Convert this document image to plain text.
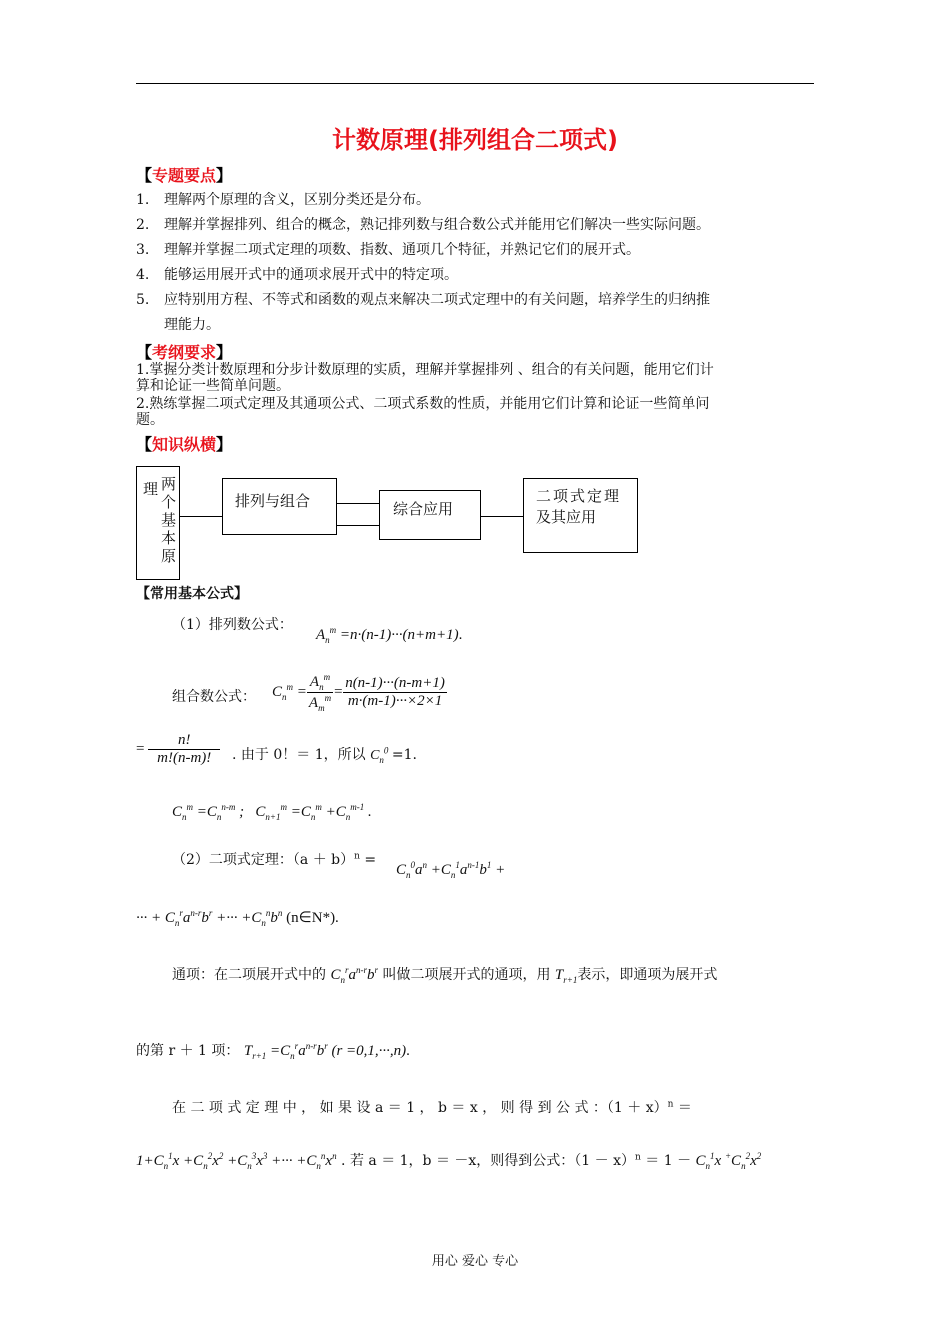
计数原理(排列组合二项式)
【专题要点】
1. 理解两个原理的含义，区别分类还是分布。
2. 理解并掌握排列、组合的概念，熟记排列数与组合数公式并能用它们解决一些实际问题。
3. 理解并掌握二项式定理的项数、指数、通项几个特征，并熟记它们的展开式。
4. 能够运用展开式中的通项求展开式中的特定项。
5. 应特别用方程、不等式和函数的观点来解决二项式定理中的有关问题，培养学生的归纳推
理能力。
【考纲要求】
1.掌握分类计数原理和分步计数原理的实质，理解并掌握排列 、组合的有关问题，能用它们计
算和论证一些简单问题。
2.熟练掌握二项式定理及其通项公式、二项式系数的性质，并能用它们计算和论证一些简单问
题。
【知识纵横】
理 两
个
基
本
原
排列与组合	综合应用
二项式定理
及其应用
【常用基本公式】
（1）排列数公式：
$A_n^m =n\cdot(n-1)\cdot\cdot\cdot(n+m+1)$.
组合数公式： $C_n^m = \frac{A_n^m}{A_m^m} = \frac{n(n-1)\cdot\cdot\cdot(n-m+1)}{m\cdot(m-1)\cdot\cdot\cdot\times 2\times 1}$
= $\frac{n!}{m!(n-m)!}$ . 由于 0！＝ 1，所以 $C_n^0 =1$.
$C_n^m =C_n^{n-m}$ ;   $C_{n+1}^m =C_n^m +C_n^{m-1}$ .
（2）二项式定理：$(a + b)^n$ =
$C_n^0a^n +C_n^1a^{n-1}b^1$ +
··· + $C_n^ra^{n-r}b^r$ +··· $+C_n^nb^n$ (n∈N*).
通项：在二项展开式中的 $C_n^ra^{n-r}b^r$ 叫做二项展开式的通项，用 $T_{r+1}$表示，即通项为展开式
的第 r ＋ 1 项： $T_{r+1} =C_n^ra^{n-r}b^r$ (r =0,1,···,n).
在 二 项 式 定 理 中 ， 如 果 设 a ＝ 1 ， b ＝ x ， 则 得 到 公 式 ：$(1 + x)^n$ ＝
$1+C_n^1x +C_n^2x^2 +C_n^3x^3$ +··· $+C_n^nx^n$ . 若 a ＝ 1，b ＝ －x，则得到公式：$(1 - x)^n = 1 - C_n^1x$ $^+C_n^2x^2$
用心 爱心 专心
